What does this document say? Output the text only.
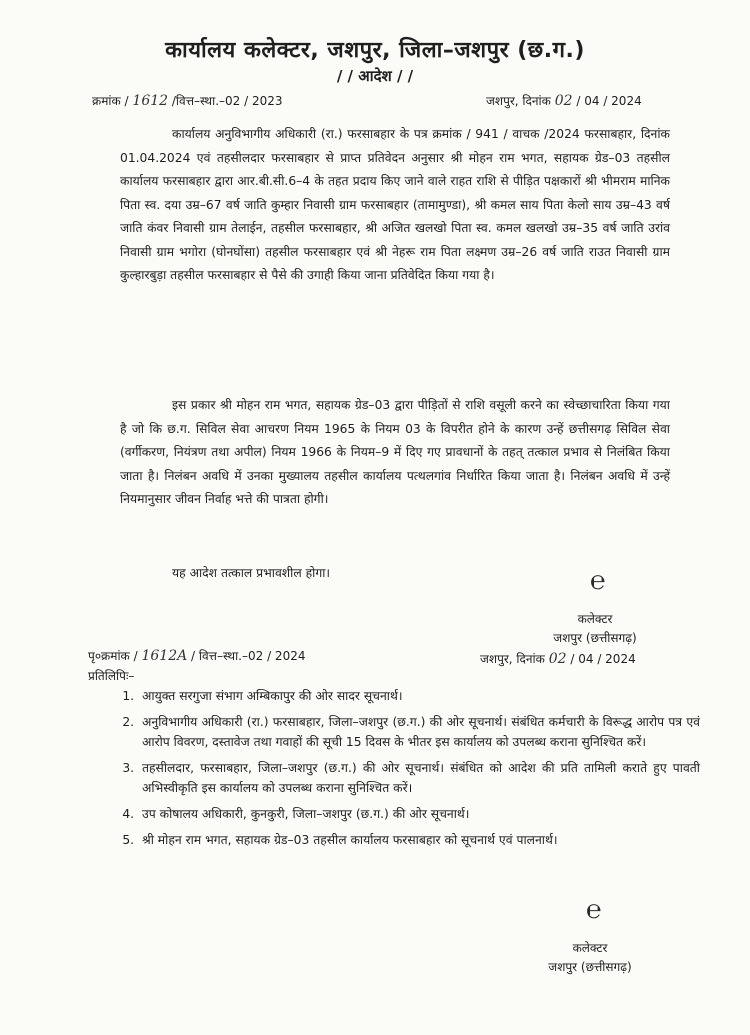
कार्यालय कलेक्टर, जशपुर, जिला–जशपुर (छ.ग.)
/ / आदेश / /
क्रमांक / 1612 /वित्त–स्था.–02 / 2023	जशपुर, दिनांक 02 / 04 / 2024
कार्यालय अनुविभागीय अधिकारी (रा.) फरसाबहार के पत्र क्रमांक / 941 / वाचक /2024 फरसाबहार, दिनांक 01.04.2024 एवं तहसीलदार फरसाबहार से प्राप्त प्रतिवेदन अनुसार श्री मोहन राम भगत, सहायक ग्रेड–03 तहसील कार्यालय फरसाबहार द्वारा आर.बी.सी.6–4 के तहत प्रदाय किए जाने वाले राहत राशि से पीड़ित पक्षकारों श्री भीमराम मानिक पिता स्व. दया उम्र–67 वर्ष जाति कुम्हार निवासी ग्राम फरसाबहार (तामामुण्डा), श्री कमल साय पिता केलो साय उम्र–43 वर्ष जाति कंवर निवासी ग्राम तेलाईन, तहसील फरसाबहार, श्री अजित खलखो पिता स्व. कमल खलखो उम्र–35 वर्ष जाति उरांव निवासी ग्राम भगोरा (घोनघोंसा) तहसील फरसाबहार एवं श्री नेहरू राम पिता लक्ष्मण उम्र–26 वर्ष जाति राउत निवासी ग्राम कुल्हारबुड़ा तहसील फरसाबहार से पैसे की उगाही किया जाना प्रतिवेदित किया गया है।
इस प्रकार श्री मोहन राम भगत, सहायक ग्रेड–03 द्वारा पीड़ितों से राशि वसूली करने का स्वेच्छाचारिता किया गया है जो कि छ.ग. सिविल सेवा आचरण नियम 1965 के नियम 03 के विपरीत होने के कारण उन्हें छत्तीसगढ़ सिविल सेवा (वर्गीकरण, नियंत्रण तथा अपील) नियम 1966 के नियम–9 में दिए गए प्रावधानों के तहत् तत्काल प्रभाव से निलंबित किया जाता है। निलंबन अवधि में उनका मुख्यालय तहसील कार्यालय पत्थलगांव निर्धारित किया जाता है। निलंबन अवधि में उन्हें नियमानुसार जीवन निर्वाह भत्ते की पात्रता होगी।
यह आदेश तत्काल प्रभावशील होगा।	℮
कलेक्टर
जशपुर (छत्तीसगढ़)
पृ०क्रमांक / 1612A / वित्त–स्था.–02 / 2024	जशपुर, दिनांक 02 / 04 / 2024
प्रतिलिपिः–
1. आयुक्त सरगुजा संभाग अम्बिकापुर की ओर सादर सूचनार्थ।
2. अनुविभागीय अधिकारी (रा.) फरसाबहार, जिला–जशपुर (छ.ग.) की ओर सूचनार्थ। संबंधित कर्मचारी के विरूद्ध आरोप पत्र एवं आरोप विवरण, दस्तावेज तथा गवाहों की सूची 15 दिवस के भीतर इस कार्यालय को उपलब्ध कराना सुनिश्चित करें।
3. तहसीलदार, फरसाबहार, जिला–जशपुर (छ.ग.) की ओर सूचनार्थ। संबंधित को आदेश की प्रति तामिली कराते हुए पावती अभिस्वीकृति इस कार्यालय को उपलब्ध कराना सुनिश्चित करें।
4. उप कोषालय अधिकारी, कुनकुरी, जिला–जशपुर (छ.ग.) की ओर सूचनार्थ।
5. श्री मोहन राम भगत, सहायक ग्रेड–03 तहसील कार्यालय फरसाबहार को सूचनार्थ एवं पालनार्थ।
℮
कलेक्टर
जशपुर (छत्तीसगढ़)
